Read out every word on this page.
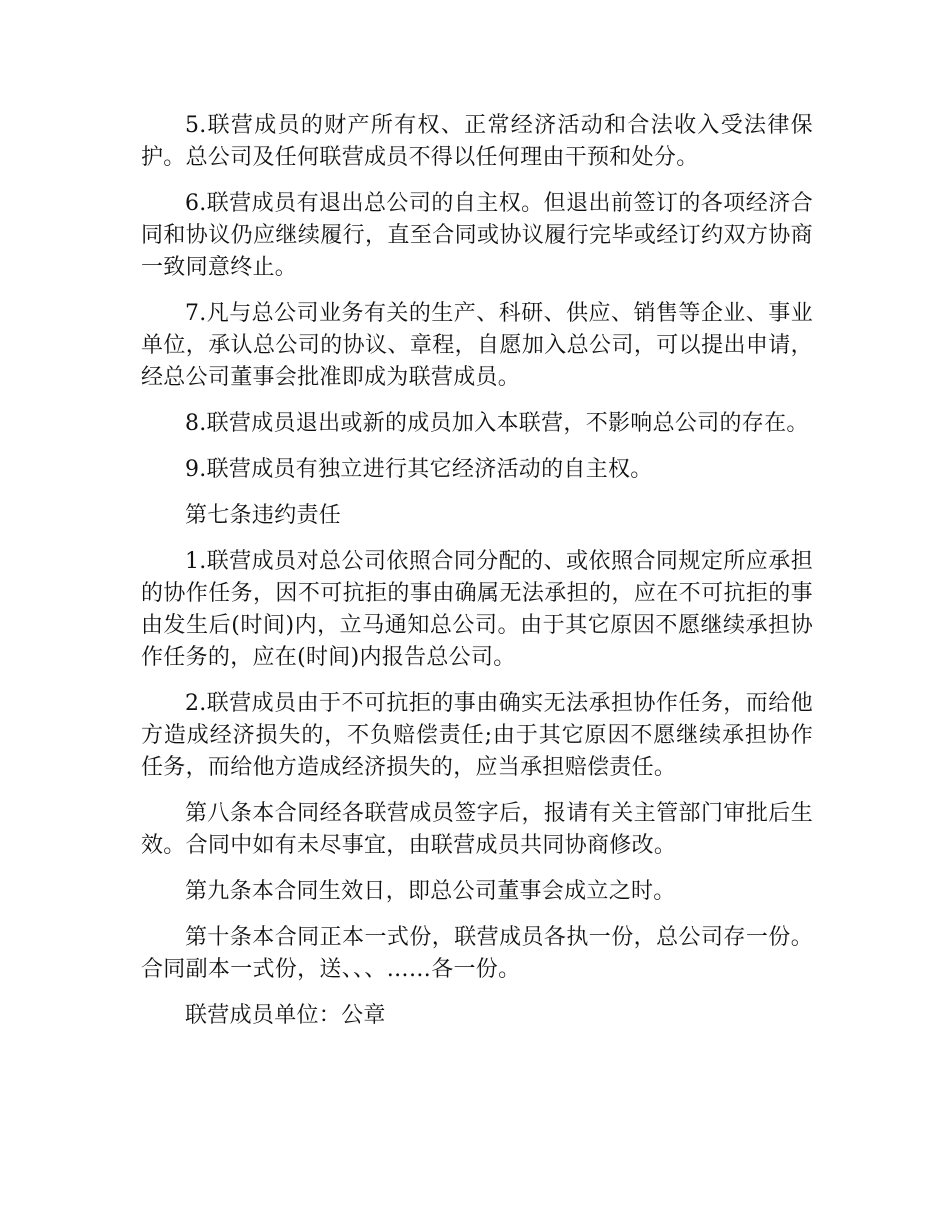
5.联营成员的财产所有权、正常经济活动和合法收入受法律保护。总公司及任何联营成员不得以任何理由干预和处分。

6.联营成员有退出总公司的自主权。但退出前签订的各项经济合同和协议仍应继续履行，直至合同或协议履行完毕或经订约双方协商一致同意终止。

7.凡与总公司业务有关的生产、科研、供应、销售等企业、事业单位，承认总公司的协议、章程，自愿加入总公司，可以提出申请，经总公司董事会批准即成为联营成员。

8.联营成员退出或新的成员加入本联营，不影响总公司的存在。

9.联营成员有独立进行其它经济活动的自主权。

第七条违约责任

1.联营成员对总公司依照合同分配的、或依照合同规定所应承担的协作任务，因不可抗拒的事由确属无法承担的，应在不可抗拒的事由发生后(时间)内，立马通知总公司。由于其它原因不愿继续承担协作任务的，应在(时间)内报告总公司。

2.联营成员由于不可抗拒的事由确实无法承担协作任务，而给他方造成经济损失的，不负赔偿责任;由于其它原因不愿继续承担协作任务，而给他方造成经济损失的，应当承担赔偿责任。

第八条本合同经各联营成员签字后，报请有关主管部门审批后生效。合同中如有未尽事宜，由联营成员共同协商修改。

第九条本合同生效日，即总公司董事会成立之时。

第十条本合同正本一式份，联营成员各执一份，总公司存一份。合同副本一式份，送、、、……各一份。

联营成员单位：公章
